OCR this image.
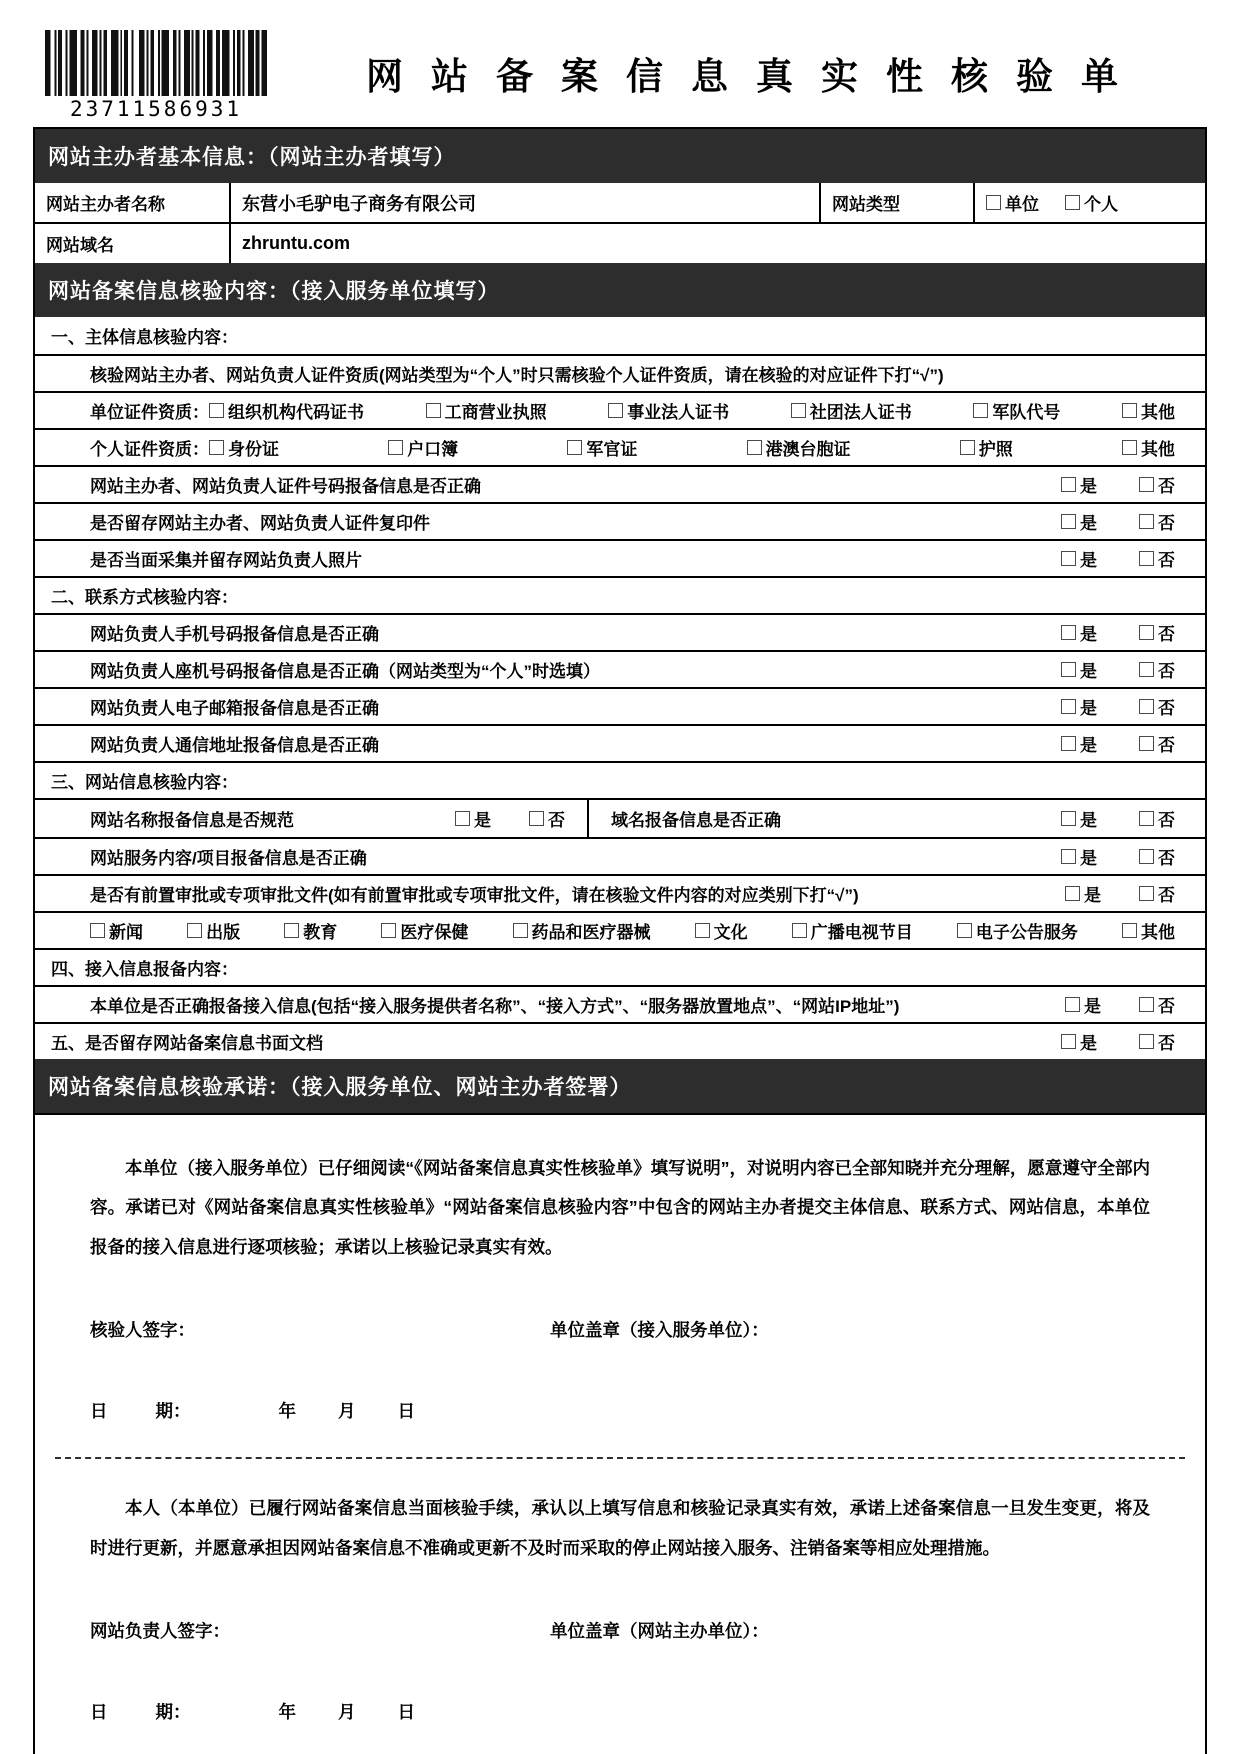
23711586931
网站备案信息真实性核验单
网站主办者基本信息：（网站主办者填写）
网站主办者名称	东营小毛驴电子商务有限公司	网站类型	单位	个人
网站域名	zhruntu.com
网站备案信息核验内容：（接入服务单位填写）
一、主体信息核验内容：
核验网站主办者、网站负责人证件资质(网站类型为“个人”时只需核验个人证件资质，请在核验的对应证件下打“√”)
单位证件资质： 组织机构代码证书	工商营业执照	事业法人证书	社团法人证书	军队代号	其他
个人证件资质： 身份证	户口簿	军官证	港澳台胞证	护照	其他
网站主办者、网站负责人证件号码报备信息是否正确	是	否
是否留存网站主办者、网站负责人证件复印件	是	否
是否当面采集并留存网站负责人照片	是	否
二、联系方式核验内容：
网站负责人手机号码报备信息是否正确	是	否
网站负责人座机号码报备信息是否正确（网站类型为“个人”时选填）	是	否
网站负责人电子邮箱报备信息是否正确	是	否
网站负责人通信地址报备信息是否正确	是	否
三、网站信息核验内容：
网站名称报备信息是否规范	是	否	域名报备信息是否正确	是	否
网站服务内容/项目报备信息是否正确	是	否
是否有前置审批或专项审批文件(如有前置审批或专项审批文件，请在核验文件内容的对应类别下打“√”)	是	否
新闻	出版	教育	医疗保健	药品和医疗器械	文化	广播电视节目	电子公告服务	其他
四、接入信息报备内容：
本单位是否正确报备接入信息(包括“接入服务提供者名称”、“接入方式”、“服务器放置地点”、“网站IP地址”)	是	否
五、是否留存网站备案信息书面文档	是	否
网站备案信息核验承诺：（接入服务单位、网站主办者签署）

本单位（接入服务单位）已仔细阅读“《网站备案信息真实性核验单》填写说明”，对说明内容已全部知晓并充分理解，愿意遵守全部内容。承诺已对《网站备案信息真实性核验单》“网站备案信息核验内容”中包含的网站主办者提交主体信息、联系方式、网站信息，本单位报备的接入信息进行逐项核验；承诺以上核验记录真实有效。

核验人签字：	单位盖章（接入服务单位）：
日	期：	年 月 日

本人（本单位）已履行网站备案信息当面核验手续，承认以上填写信息和核验记录真实有效，承诺上述备案信息一旦发生变更，将及时进行更新，并愿意承担因网站备案信息不准确或更新不及时而采取的停止网站接入服务、注销备案等相应处理措施。

网站负责人签字：	单位盖章（网站主办单位）：
日	期：	年 月 日
